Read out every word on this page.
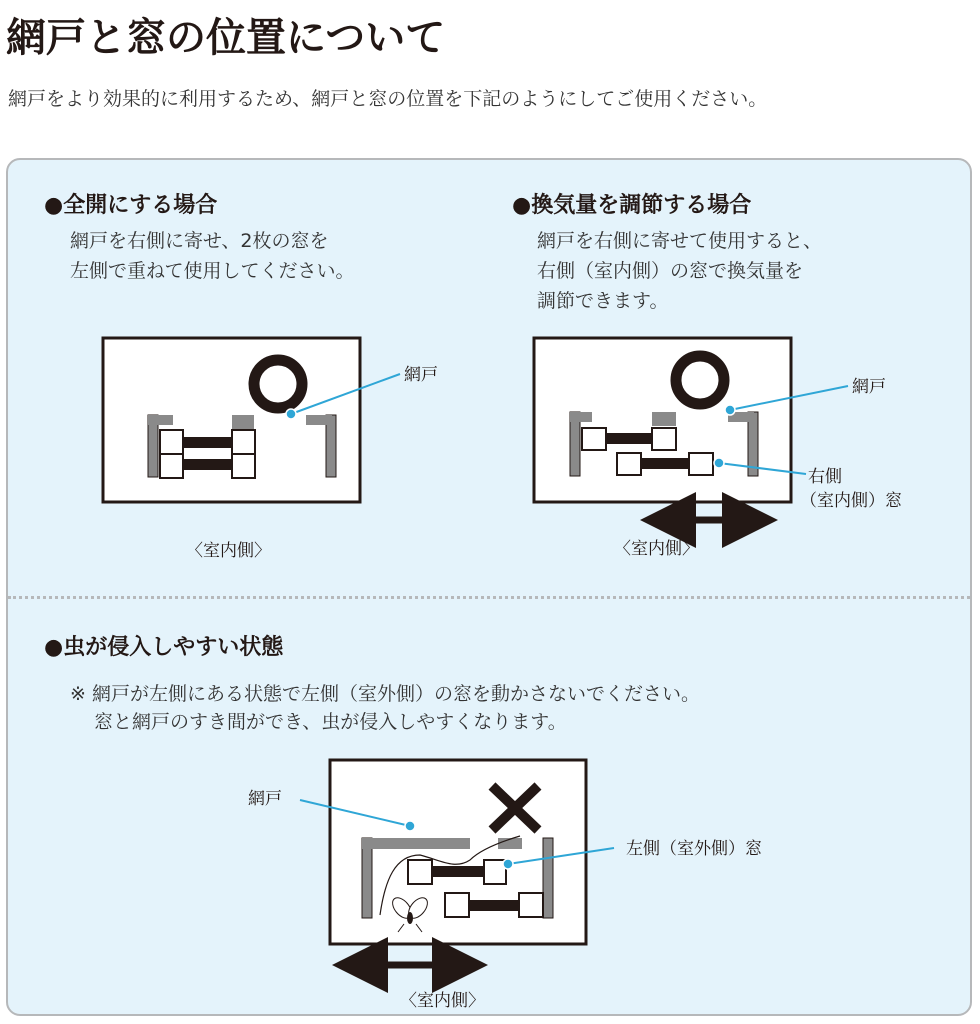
網戸と窓の位置について
網戸をより効果的に利用するため、網戸と窓の位置を下記のようにしてご使用ください。
●全開にする場合
網戸を右側に寄せ、2枚の窓を
左側で重ねて使用してください。
●換気量を調節する場合
網戸を右側に寄せて使用すると、
右側（室内側）の窓で換気量を
調節できます。
●虫が侵入しやすい状態
※ 網戸が左側にある状態で左側（室外側）の窓を動かさないでください。
窓と網戸のすき間ができ、虫が侵入しやすくなります。
網戸
〈室内側〉
網戸
右側
（室内側）窓
〈室内側〉
網戸
左側（室外側）窓
〈室内側〉
